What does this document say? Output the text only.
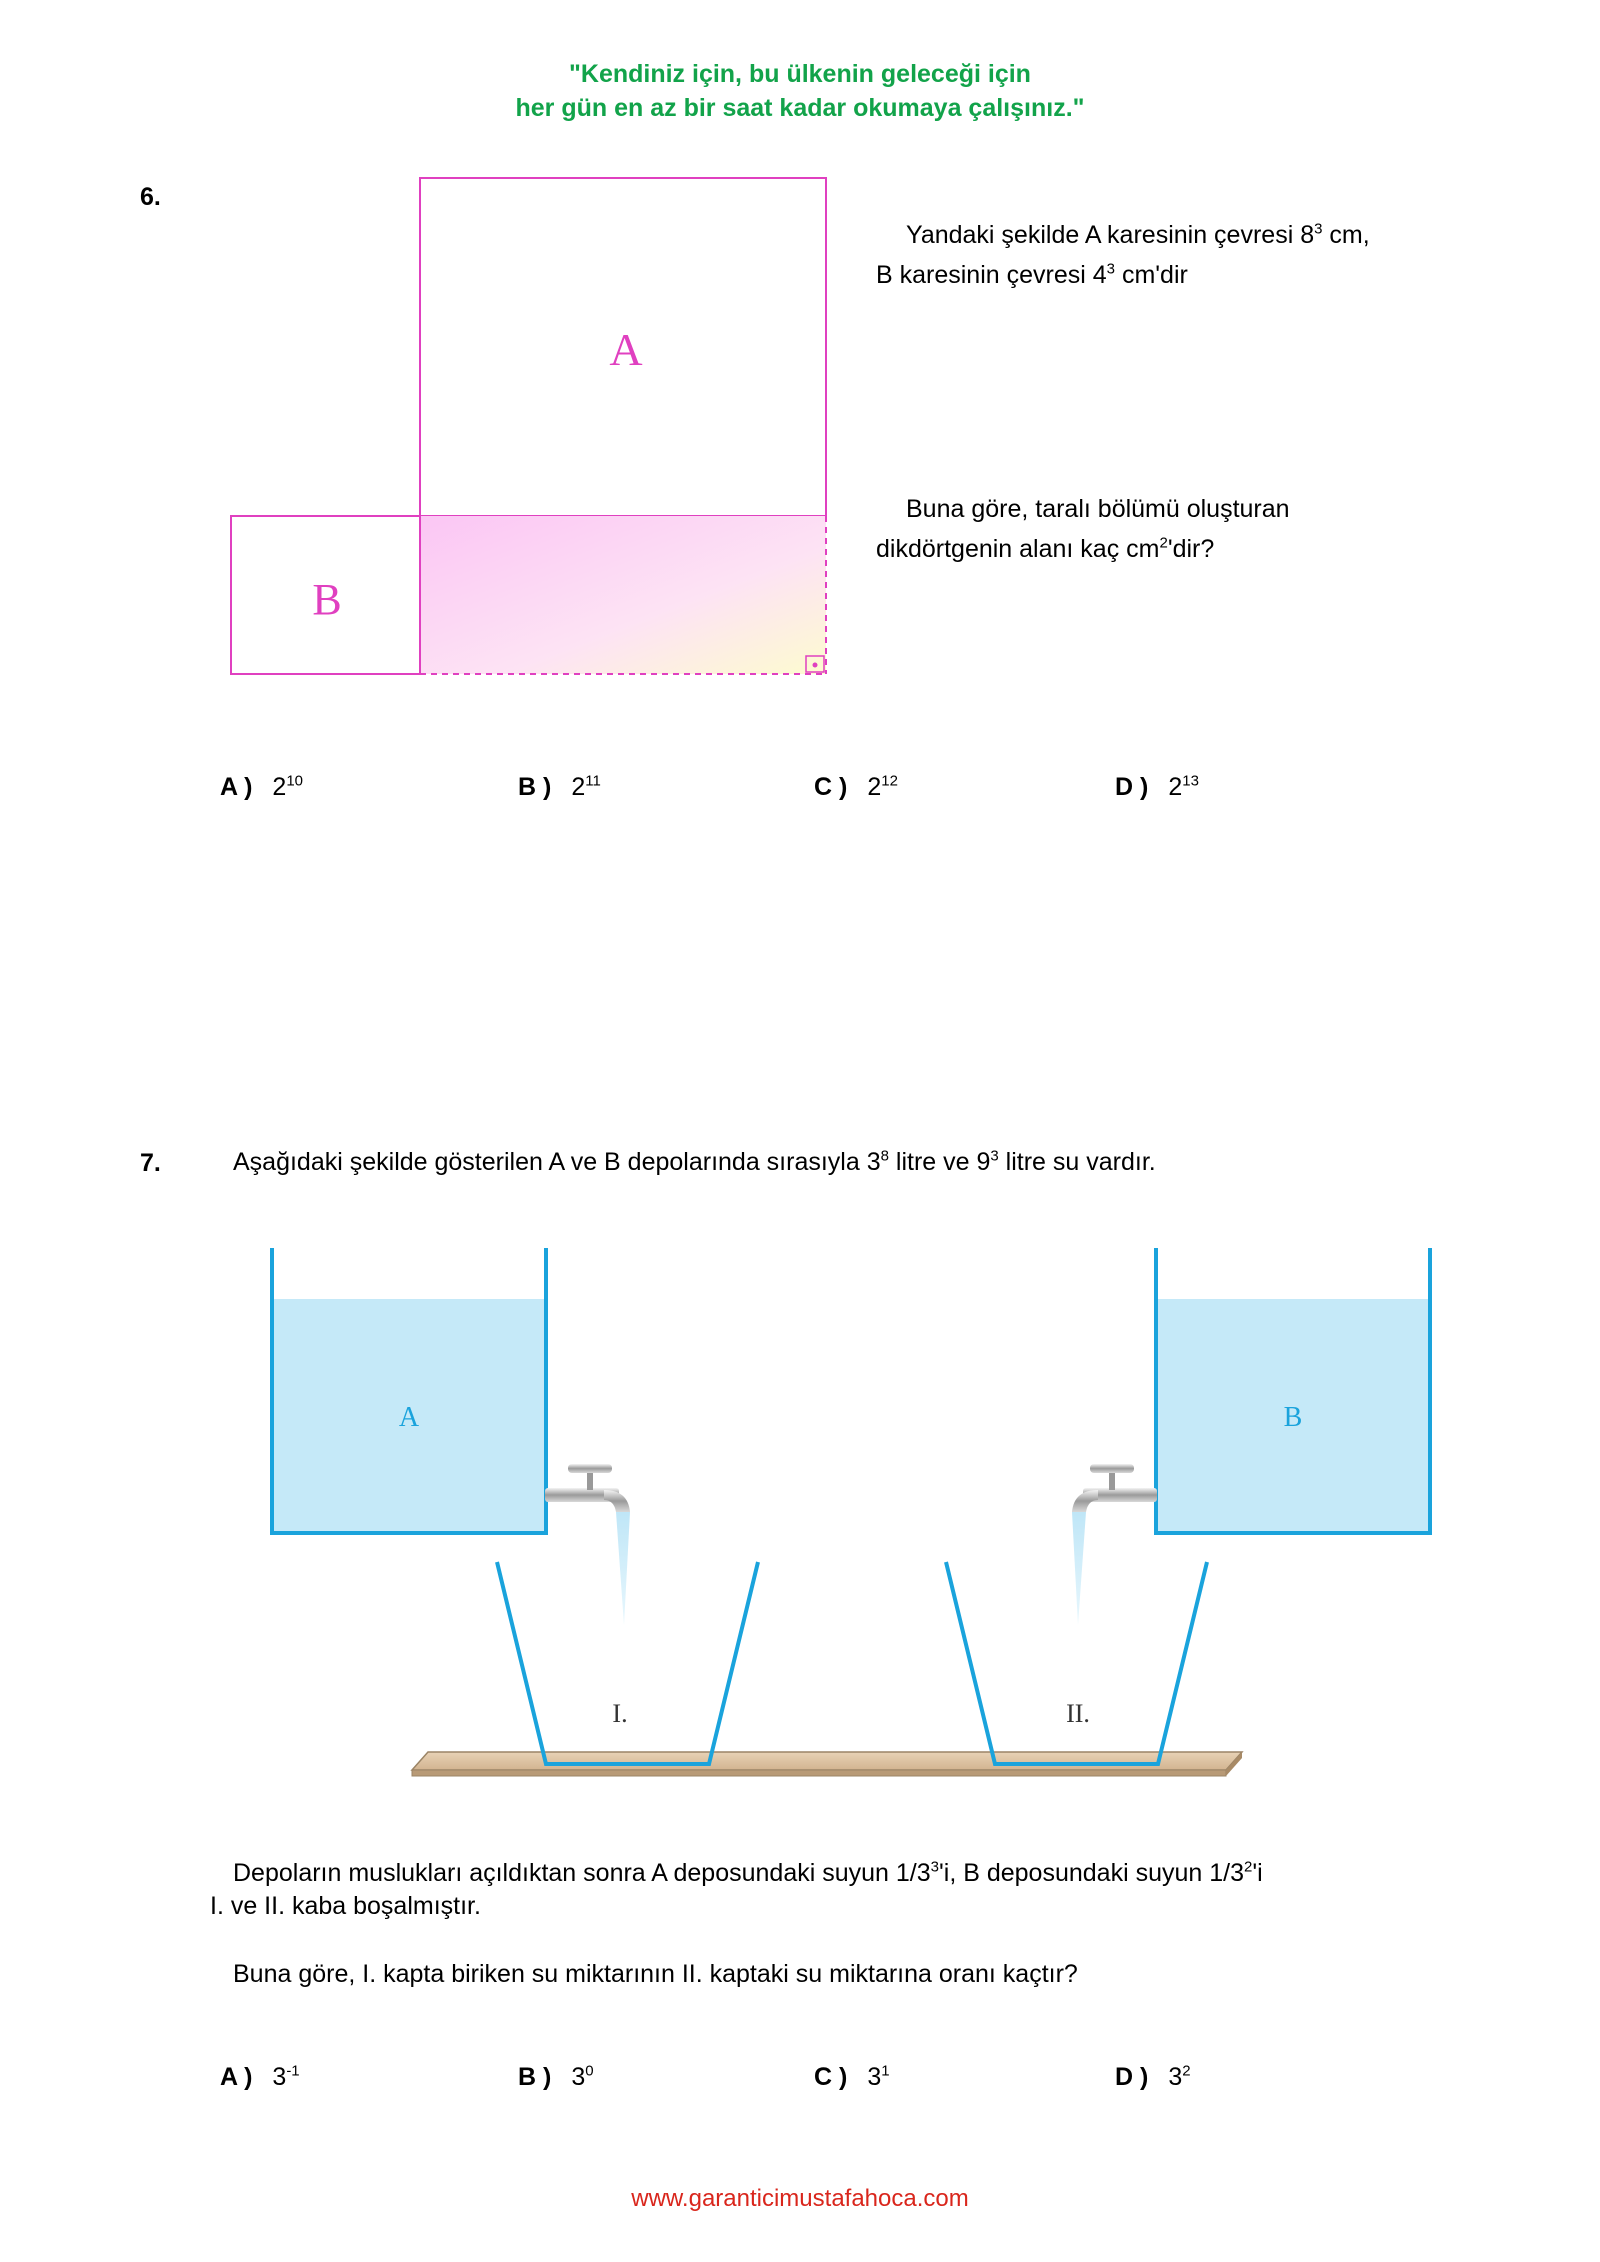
"Kendiniz için, bu ülkenin geleceği için
her gün en az bir saat kadar okumaya çalışınız."
6.
A
B
Yandaki şekilde A karesinin çevresi $8^3$ cm,
B karesinin çevresi $4^3$ cm'dir
Buna göre, taralı bölümü oluşturan
dikdörtgenin alanı kaç $cm^2'dir$?
A ) $2^{10}$	B ) $2^{11}$	C ) $2^{12}$	D ) $2^{13}$
7.	Aşağıdaki şekilde gösterilen A ve B depolarında sırasıyla $3^8$ litre ve $9^3$ litre su vardır.
A	B
I.	II.
Depoların muslukları açıldıktan sonra A deposundaki suyun $1/3^3'i$, B deposundaki suyun $1/3^2'i$
I. ve II. kaba boşalmıştır.
Buna göre, I. kapta biriken su miktarının II. kaptaki su miktarına oranı kaçtır?
A ) $3^{-1}$	B ) $3^0$	C ) $3^1$	D ) $3^2$
www.garanticimustafahoca.com
